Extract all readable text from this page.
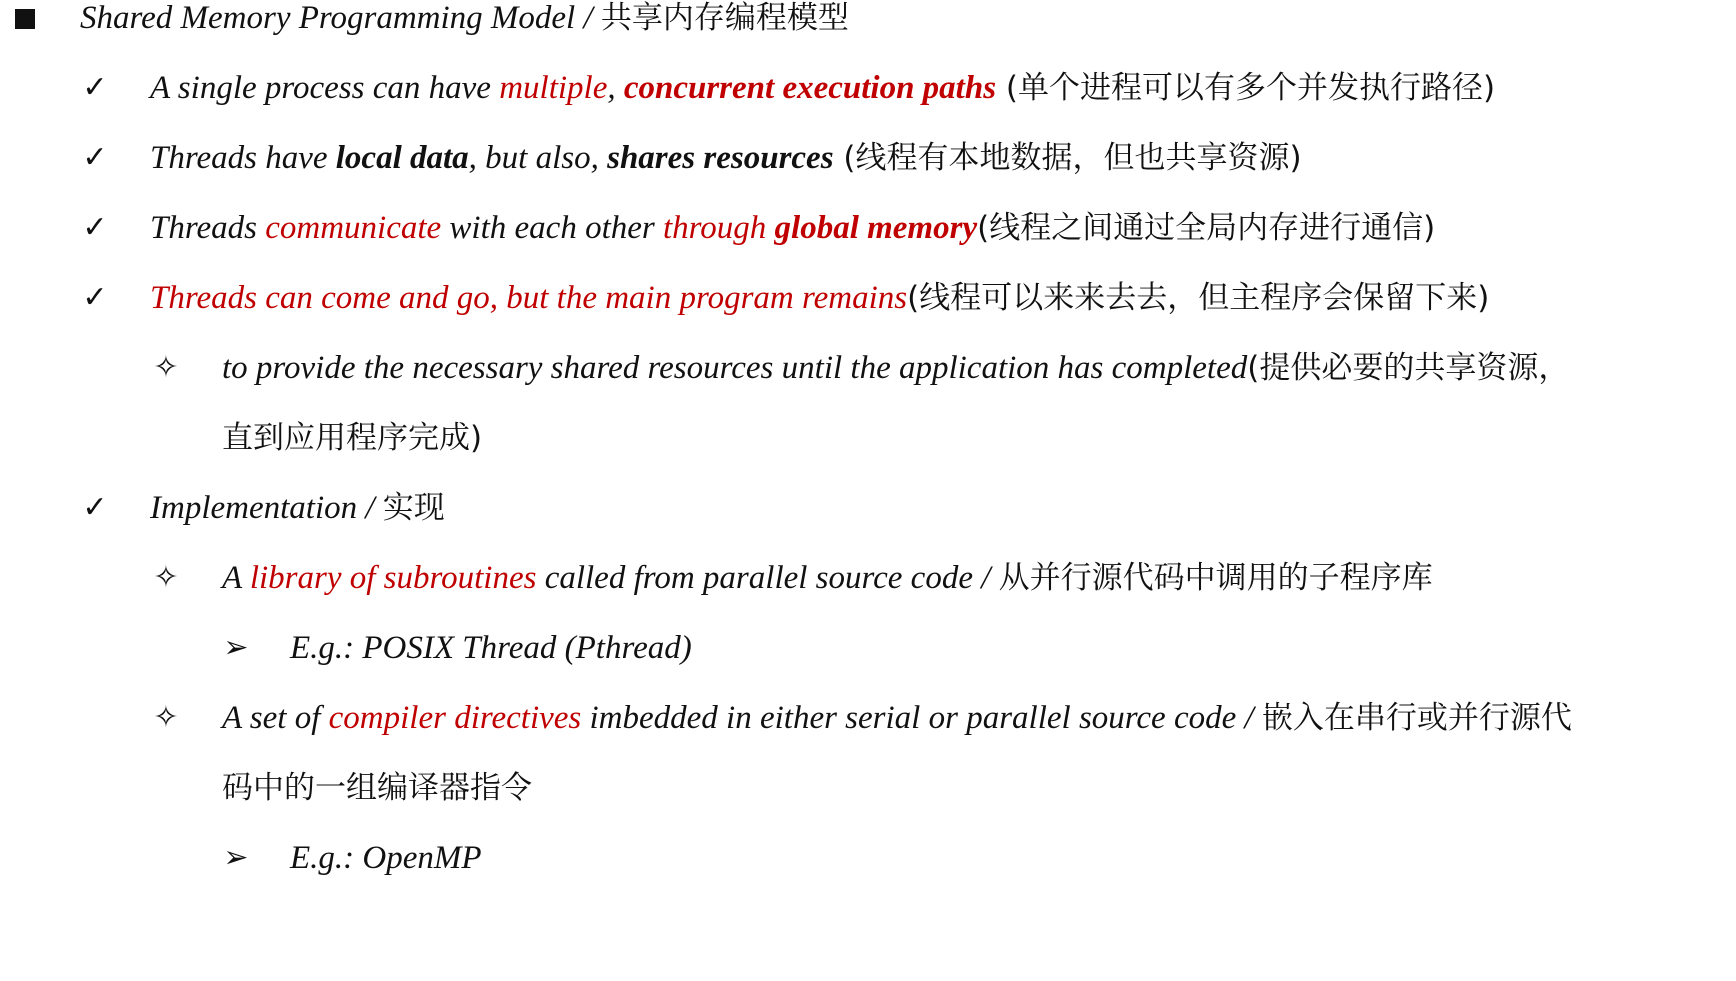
Shared Memory Programming Model / 共享内存编程模型
✓ A single process can have multiple, concurrent execution paths (单个进程可以有多个并发执行路径)
✓ Threads have local data, but also, shares resources (线程有本地数据，但也共享资源)
✓ Threads communicate with each other through global memory(线程之间通过全局内存进行通信)
✓ Threads can come and go, but the main program remains(线程可以来来去去，但主程序会保留下来)
✧ to provide the necessary shared resources until the application has completed(提供必要的共享资源，
直到应用程序完成)
✓ Implementation / 实现
✧ A library of subroutines called from parallel source code / 从并行源代码中调用的子程序库
➢ E.g.: POSIX Thread (Pthread)
✧ A set of compiler directives imbedded in either serial or parallel source code / 嵌入在串行或并行源代
码中的一组编译器指令
➢ E.g.: OpenMP
